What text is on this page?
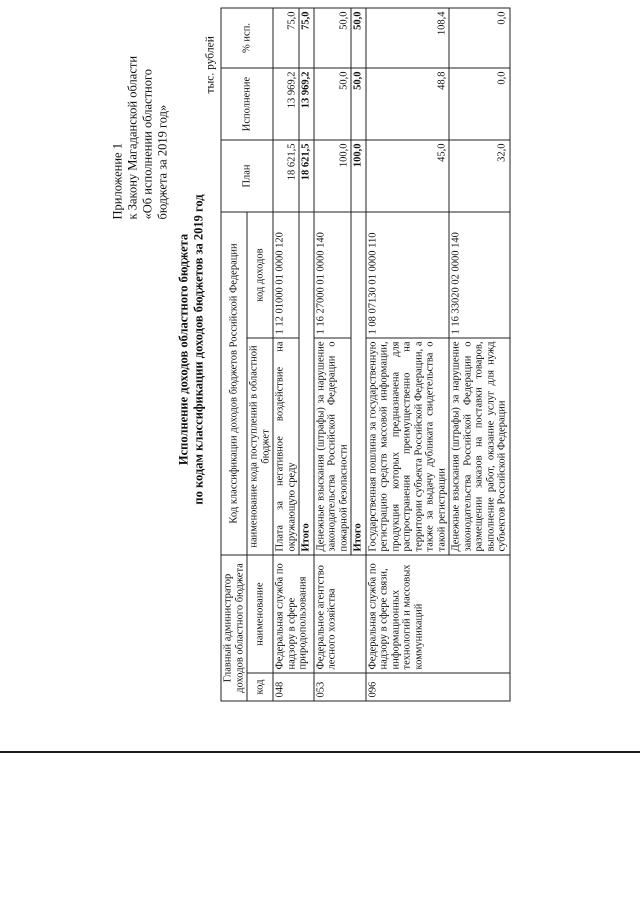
Приложение 1 к Закону Магаданской области «Об исполнении областного бюджета за 2019 год»
Исполнение доходов областного бюджета по кодам классификации доходов бюджетов за 2019 год
тыс. рублей
Главный администратор доходов областного бюджета		Код классификации доходов бюджетов Российской Федерации		План	Исполнение	% исп.
код	наименование	наименование кода поступлений в областной бюджет	код доходов			
048	Федеральная служба по надзору в сфере природопользования	Плата за негативное воздействие на окружающую среду	1 12 01000 01 0000 120	18 621,5	13 969,2	75,0
		Итого		18 621,5	13 969,2	75,0
053	Федеральное агентство лесного хозяйства	Денежные взыскания (штрафы) за нарушение законодательства Российской Федерации о пожарной безопасности	1 16 27000 01 0000 140	100,0	50,0	50,0
		Итого		100,0	50,0	50,0
096	Федеральная служба по надзору в сфере связи, информационных технологий и массовых коммуникаций	Государственная пошлина за государственную регистрацию средств массовой информации, продукция которых предназначена для распространения преимущественно на территории субъекта Российской Федерации, а также за выдачу дубликата свидетельства о такой регистрации	1 08 07130 01 0000 110	45,0	48,8	108,4
		Денежные взыскания (штрафы) за нарушение законодательства Российской Федерации о размещении заказов на поставки товаров, выполнение работ, оказание услуг для нужд субъектов Российской Федерации	1 16 33020 02 0000 140	32,0	0,0	0,0
